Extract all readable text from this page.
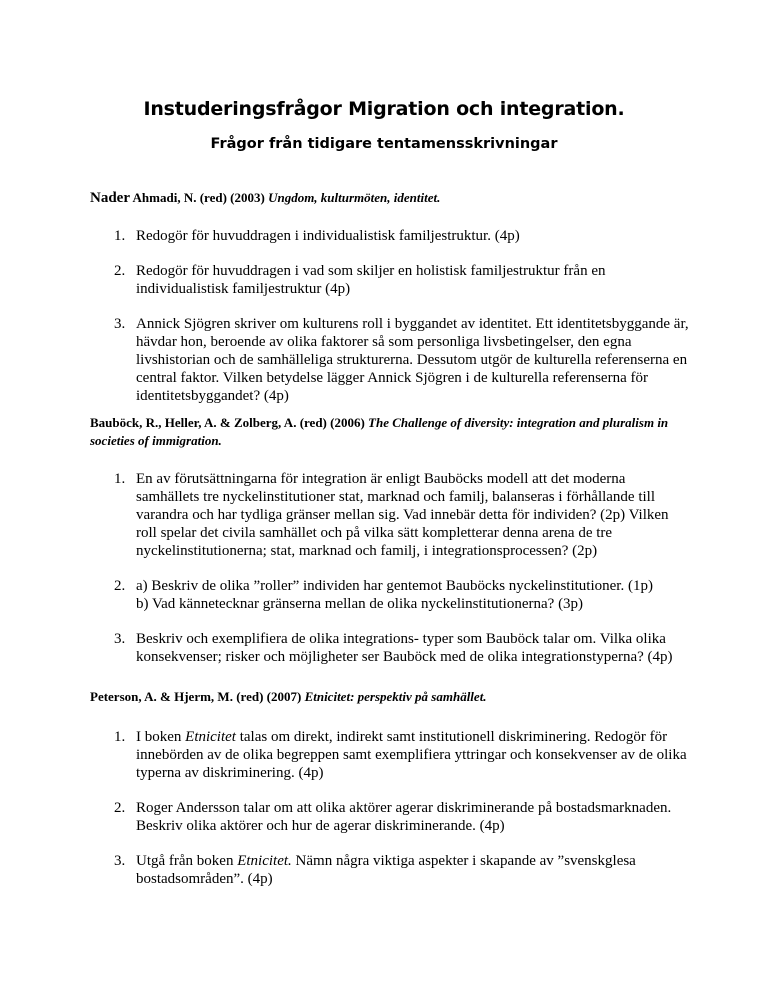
Instuderingsfrågor Migration och integration.
Frågor från tidigare tentamensskrivningar

Nader Ahmadi, N. (red) (2003) Ungdom, kulturmöten, identitet.

1. Redogör för huvuddragen i individualistisk familjestruktur. (4p)
2. Redogör för huvuddragen i vad som skiljer en holistisk familjestruktur från en individualistisk familjestruktur (4p)
3. Annick Sjögren skriver om kulturens roll i byggandet av identitet. Ett identitetsbyggande är, hävdar hon, beroende av olika faktorer så som personliga livsbetingelser, den egna livshistorian och de samhälleliga strukturerna. Dessutom utgör de kulturella referenserna en central faktor. Vilken betydelse lägger Annick Sjögren i de kulturella referenserna för identitetsbyggandet? (4p)

Bauböck, R., Heller, A. & Zolberg, A. (red) (2006) The Challenge of diversity: integration and pluralism in societies of immigration.

1. En av förutsättningarna för integration är enligt Bauböcks modell att det moderna samhällets tre nyckelinstitutioner stat, marknad och familj, balanseras i förhållande till varandra och har tydliga gränser mellan sig. Vad innebär detta för individen? (2p) Vilken roll spelar det civila samhället och på vilka sätt kompletterar denna arena de tre nyckelinstitutionerna; stat, marknad och familj, i integrationsprocessen? (2p)
2. a) Beskriv de olika ”roller” individen har gentemot Bauböcks nyckelinstitutioner. (1p)
b) Vad kännetecknar gränserna mellan de olika nyckelinstitutionerna? (3p)
3. Beskriv och exemplifiera de olika integrations- typer som Bauböck talar om. Vilka olika konsekvenser; risker och möjligheter ser Bauböck med de olika integrationstyperna? (4p)

Peterson, A. & Hjerm, M. (red) (2007) Etnicitet: perspektiv på samhället.

1. I boken Etnicitet talas om direkt, indirekt samt institutionell diskriminering. Redogör för innebörden av de olika begreppen samt exemplifiera yttringar och konsekvenser av de olika typerna av diskriminering. (4p)
2. Roger Andersson talar om att olika aktörer agerar diskriminerande på bostadsmarknaden. Beskriv olika aktörer och hur de agerar diskriminerande. (4p)
3. Utgå från boken Etnicitet. Nämn några viktiga aspekter i skapande av ”svenskglesa bostadsområden”. (4p)
